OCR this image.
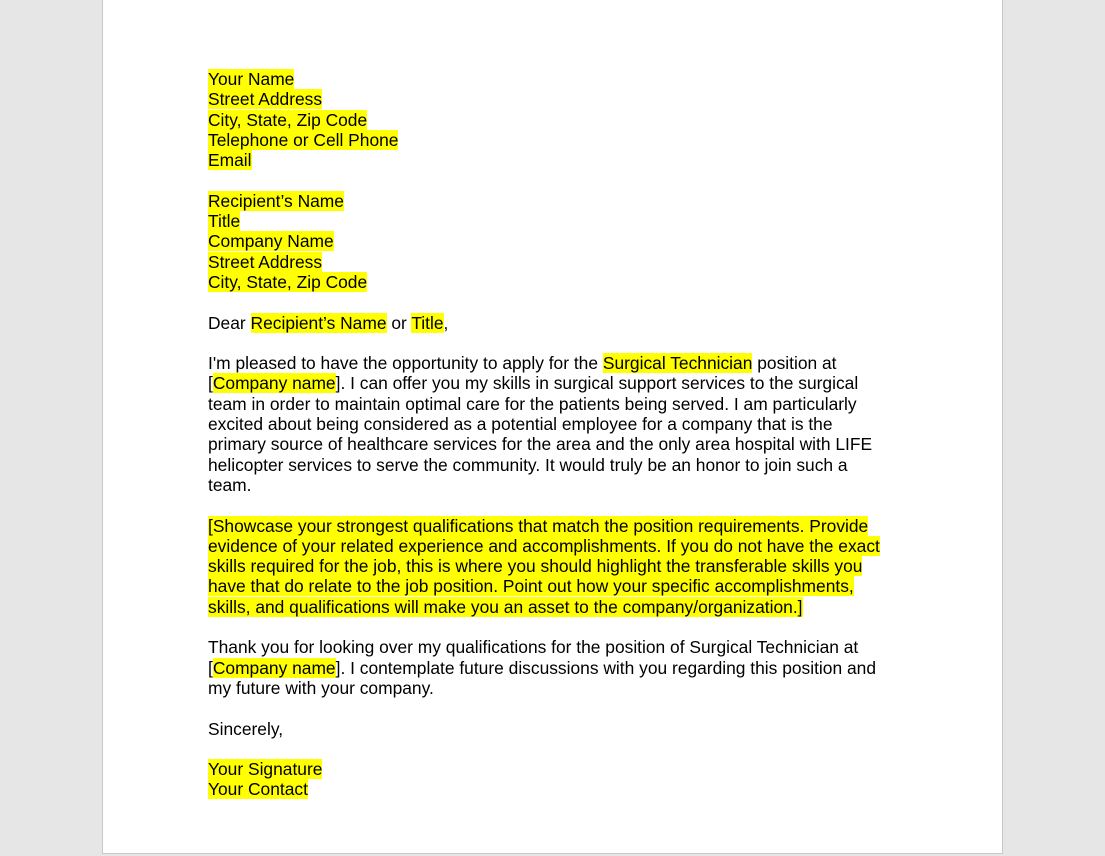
Your Name
Street Address
City, State, Zip Code
Telephone or Cell Phone
Email
Recipient’s Name
Title
Company Name
Street Address
City, State, Zip Code
Dear Recipient’s Name or Title,
I'm pleased to have the opportunity to apply for the Surgical Technician position at
[Company name]. I can offer you my skills in surgical support services to the surgical
team in order to maintain optimal care for the patients being served. I am particularly
excited about being considered as a potential employee for a company that is the
primary source of healthcare services for the area and the only area hospital with LIFE
helicopter services to serve the community. It would truly be an honor to join such a
team.
[Showcase your strongest qualifications that match the position requirements. Provide
evidence of your related experience and accomplishments. If you do not have the exact
skills required for the job, this is where you should highlight the transferable skills you
have that do relate to the job position. Point out how your specific accomplishments,
skills, and qualifications will make you an asset to the company/organization.]
Thank you for looking over my qualifications for the position of Surgical Technician at
[Company name]. I contemplate future discussions with you regarding this position and
my future with your company.
Sincerely,
Your Signature
Your Contact
